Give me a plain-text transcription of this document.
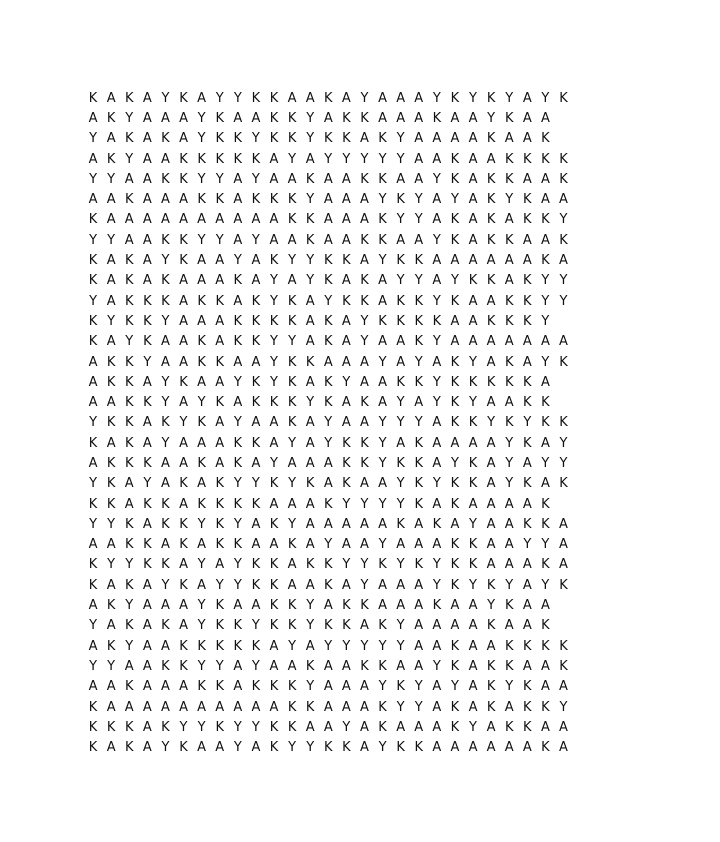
K A K A Y K A Y Y K K A A K A Y A A A Y K Y K Y A Y K
A K Y A A A Y K A A K K Y A K K A A A K A A Y K A A
Y A K A K A Y K K Y K K Y K K A K Y A A A A K A A K
A K Y A A K K K K K A Y A Y Y Y Y Y A A K A A K K K K
Y Y A A K K Y Y A Y A A K A A K K A A Y K A K K A A K
A A K A A A K K A K K K Y A A A Y K Y A Y A K Y K A A
K A A A A A A A A A A K K A A A K Y Y A K A K A K K Y
Y Y A A K K Y Y A Y A A K A A K K A A Y K A K K A A K
K A K A Y K A A Y A K Y Y K K A Y K K A A A A A A K A
K A K A K A A A K A Y A Y K A K A Y Y A Y K K A K Y Y
Y A K K K A K K A K Y K A Y K K A K K Y K A A K K Y Y
K Y K K Y A A A K K K K A K A Y K K K K A A K K K Y
K A Y K A A K A K K Y Y A K A Y A A K Y A A A A A A A
A K K Y A A K K A A Y K K A A A Y A Y A K Y A K A Y K
A K K A Y K A A Y K Y K A K Y A A K K Y K K K K K A
A A K K Y A Y K A K K K Y K A K A Y A Y K Y A A K K
Y K K A K Y K A Y A A K A Y A A Y Y Y A K K Y K Y K K
K A K A Y A A A K K A Y A Y K K Y A K A A A A Y K A Y
A K K K A A K A K A Y A A A K K Y K K A Y K A Y A Y Y
Y K A Y A K A K Y Y K Y K A K A A Y K Y K K A Y K A K
K K A K K A K K K K A A A K Y Y Y Y K A K A A A A K
Y Y K A K K Y K Y A K Y A A A A A K A K A Y A A K K A
A A K K A K A K K A A K A Y A A Y A A A K K A A Y Y A
K Y Y K K A Y A Y K K A K K Y Y K Y K Y K K A A A K A
K A K A Y K A Y Y K K A A K A Y A A A Y K Y K Y A Y K
A K Y A A A Y K A A K K Y A K K A A A K A A Y K A A
Y A K A K A Y K K Y K K Y K K A K Y A A A A K A A K
A K Y A A K K K K K A Y A Y Y Y Y Y A A K A A K K K K
Y Y A A K K Y Y A Y A A K A A K K A A Y K A K K A A K
A A K A A A K K A K K K Y A A A Y K Y A Y A K Y K A A
K A A A A A A A A A A K K A A A K Y Y A K A K A K K Y
K K K A K Y Y K Y Y K K A A Y A K A A A K Y A K K A A
K A K A Y K A A Y A K Y Y K K A Y K K A A A A A A K A
